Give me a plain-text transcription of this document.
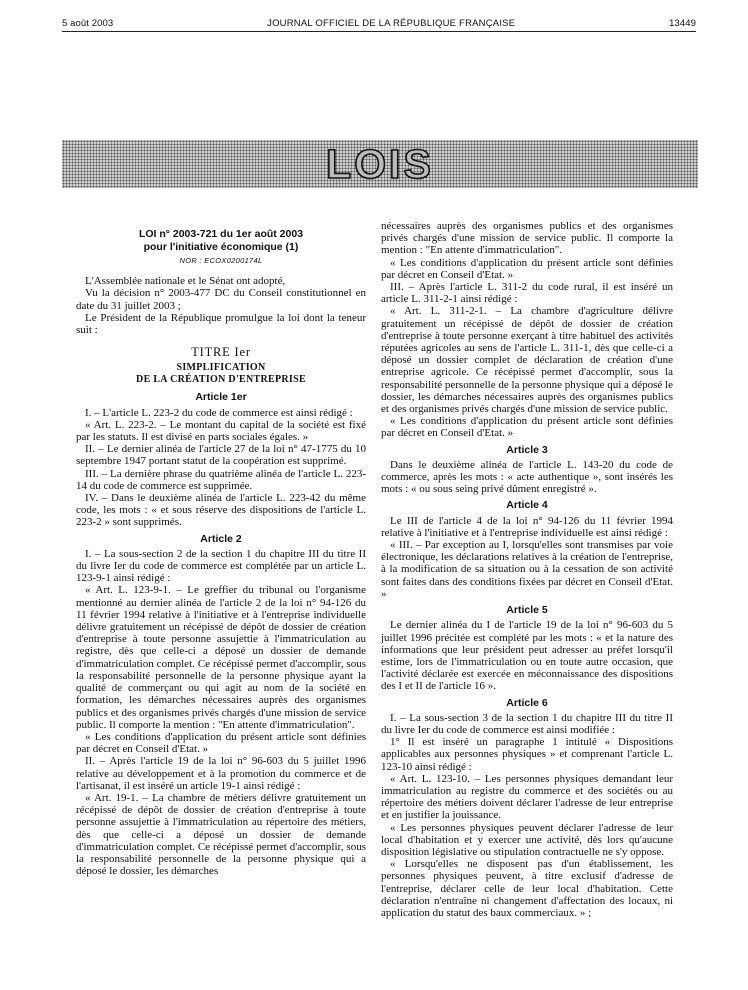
5 août 2003	JOURNAL OFFICIEL DE LA RÉPUBLIQUE FRANÇAISE	13449
LOIS
LOI n° 2003-721 du 1er août 2003
pour l'initiative économique (1)
NOR : ECOX0200174L

L'Assemblée nationale et le Sénat ont adopté,

Vu la décision n° 2003-477 DC du Conseil constitutionnel en date du 31 juillet 2003 ;

Le Président de la République promulgue la loi dont la teneur suit :

TITRE Ier
SIMPLIFICATION
DE LA CRÉATION D'ENTREPRISE
Article 1er

I. – L'article L. 223-2 du code de commerce est ainsi rédigé :

« Art. L. 223-2. – Le montant du capital de la société est fixé par les statuts. Il est divisé en parts sociales égales. »

II. – Le dernier alinéa de l'article 27 de la loi n° 47-1775 du 10 septembre 1947 portant statut de la coopération est supprimé.

III. – La dernière phrase du quatrième alinéa de l'article L. 223-14 du code de commerce est supprimée.

IV. – Dans le deuxième alinéa de l'article L. 223-42 du même code, les mots : « et sous réserve des dispositions de l'article L. 223-2 » sont supprimés.

Article 2

I. – La sous-section 2 de la section 1 du chapitre III du titre II du livre Ier du code de commerce est complétée par un article L. 123-9-1 ainsi rédigé :

« Art. L. 123-9-1. – Le greffier du tribunal ou l'organisme mentionné au dernier alinéa de l'article 2 de la loi n° 94-126 du 11 février 1994 relative à l'initiative et à l'entreprise individuelle délivre gratuitement un récépissé de dépôt de dossier de création d'entreprise à toute personne assujettie à l'immatriculation au registre, dès que celle-ci a déposé un dossier de demande d'immatriculation complet. Ce récépissé permet d'accomplir, sous la responsabilité personnelle de la personne physique ayant la qualité de commerçant ou qui agit au nom de la société en formation, les démarches nécessaires auprès des organismes publics et des organismes privés chargés d'une mission de service public. Il comporte la mention : "En attente d'immatriculation".

« Les conditions d'application du présent article sont définies par décret en Conseil d'Etat. »

II. – Après l'article 19 de la loi n° 96-603 du 5 juillet 1996 relative au développement et à la promotion du commerce et de l'artisanat, il est inséré un article 19-1 ainsi rédigé :

« Art. 19-1. – La chambre de métiers délivre gratuitement un récépissé de dépôt de dossier de création d'entreprise à toute personne assujettie à l'immatriculation au répertoire des métiers, dès que celle-ci a déposé un dossier de demande d'immatriculation complet. Ce récépissé permet d'accomplir, sous la responsabilité personnelle de la personne physique qui a déposé le dossier, les démarches

nécessaires auprès des organismes publics et des organismes privés chargés d'une mission de service public. Il comporte la mention : "En attente d'immatriculation".

« Les conditions d'application du présent article sont définies par décret en Conseil d'Etat. »

III. – Après l'article L. 311-2 du code rural, il est inséré un article L. 311-2-1 ainsi rédigé :

« Art. L. 311-2-1. – La chambre d'agriculture délivre gratuitement un récépissé de dépôt de dossier de création d'entreprise à toute personne exerçant à titre habituel des activités réputées agricoles au sens de l'article L. 311-1, dès que celle-ci a déposé un dossier complet de déclaration de création d'une entreprise agricole. Ce récépissé permet d'accomplir, sous la responsabilité personnelle de la personne physique qui a déposé le dossier, les démarches nécessaires auprès des organismes publics et des organismes privés chargés d'une mission de service public.

« Les conditions d'application du présent article sont définies par décret en Conseil d'Etat. »

Article 3

Dans le deuxième alinéa de l'article L. 143-20 du code de commerce, après les mots : « acte authentique », sont insérés les mots : « ou sous seing privé dûment enregistré ».

Article 4

Le III de l'article 4 de la loi n° 94-126 du 11 février 1994 relative à l'initiative et à l'entreprise individuelle est ainsi rédigé :

« III. – Par exception au I, lorsqu'elles sont transmises par voie électronique, les déclarations relatives à la création de l'entreprise, à la modification de sa situation ou à la cessation de son activité sont faites dans des conditions fixées par décret en Conseil d'Etat. »

Article 5

Le dernier alinéa du I de l'article 19 de la loi n° 96-603 du 5 juillet 1996 précitée est complété par les mots : « et la nature des informations que leur président peut adresser au préfet lorsqu'il estime, lors de l'immatriculation ou en toute autre occasion, que l'activité déclarée est exercée en méconnaissance des dispositions des I et II de l'article 16 ».

Article 6

I. – La sous-section 3 de la section 1 du chapitre III du titre II du livre Ier du code de commerce est ainsi modifiée :

1° Il est inséré un paragraphe 1 intitulé « Dispositions applicables aux personnes physiques » et comprenant l'article L. 123-10 ainsi rédigé :

« Art. L. 123-10. – Les personnes physiques demandant leur immatriculation au registre du commerce et des sociétés ou au répertoire des métiers doivent déclarer l'adresse de leur entreprise et en justifier la jouissance.

« Les personnes physiques peuvent déclarer l'adresse de leur local d'habitation et y exercer une activité, dès lors qu'aucune disposition législative ou stipulation contractuelle ne s'y oppose.

« Lorsqu'elles ne disposent pas d'un établissement, les personnes physiques peuvent, à titre exclusif d'adresse de l'entreprise, déclarer celle de leur local d'habitation. Cette déclaration n'entraîne ni changement d'affectation des locaux, ni application du statut des baux commerciaux. » ;
